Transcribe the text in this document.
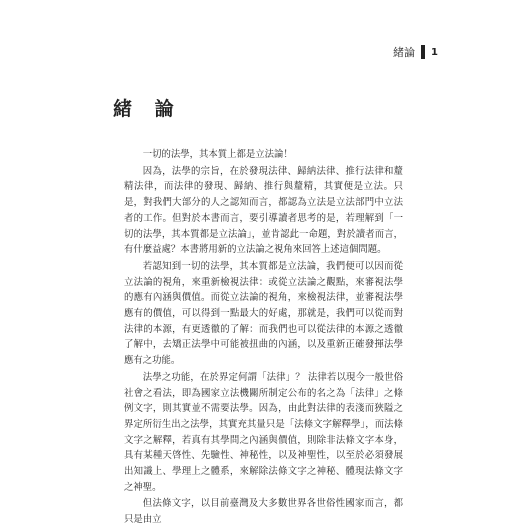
緒論 1
緒 論

一切的法學，其本質上都是立法論！

因為，法學的宗旨，在於發現法律、歸納法律、推行法律和釐精法律，而法律的發現、歸納、推行與釐精，其實便是立法。只是，對我們大部分的人之認知而言，都認為立法是立法部門中立法者的工作。但對於本書而言，要引導讀者思考的是，若理解到「一切的法學，其本質都是立法論」，並肯認此一命題，對於讀者而言，有什麼益處？本書將用新的立法論之視角來回答上述這個問題。

若認知到一切的法學，其本質都是立法論，我們便可以因而從立法論的視角，來重新檢視法律：或從立法論之觀點，來審視法學的應有內涵與價值。而從立法論的視角，來檢視法律，並審視法學應有的價值，可以得到一點最大的好處，那就是，我們可以從而對法律的本源，有更透徹的了解：而我們也可以從法律的本源之透徹了解中，去矯正法學中可能被扭曲的內涵，以及重新正確發揮法學應有之功能。

法學之功能，在於界定何謂「法律」？ 法律若以現今一般世俗社會之看法，即為國家立法機關所制定公布的名之為「法律」之條例文字，則其實並不需要法學。因為，由此對法律的表淺而狹隘之界定所衍生出之法學，其實充其量只是「法條文字解釋學」，而法條文字之解釋，若真有其學問之內涵與價值，則除非法條文字本身，具有某種天啓性、先驗性、神秘性，以及神聖性，以至於必須發展出知識上、學理上之體系，來解除法條文字之神秘、體現法條文字之神聖。

但法條文字，以目前臺灣及大多數世界各世俗性國家而言，都只是由立
